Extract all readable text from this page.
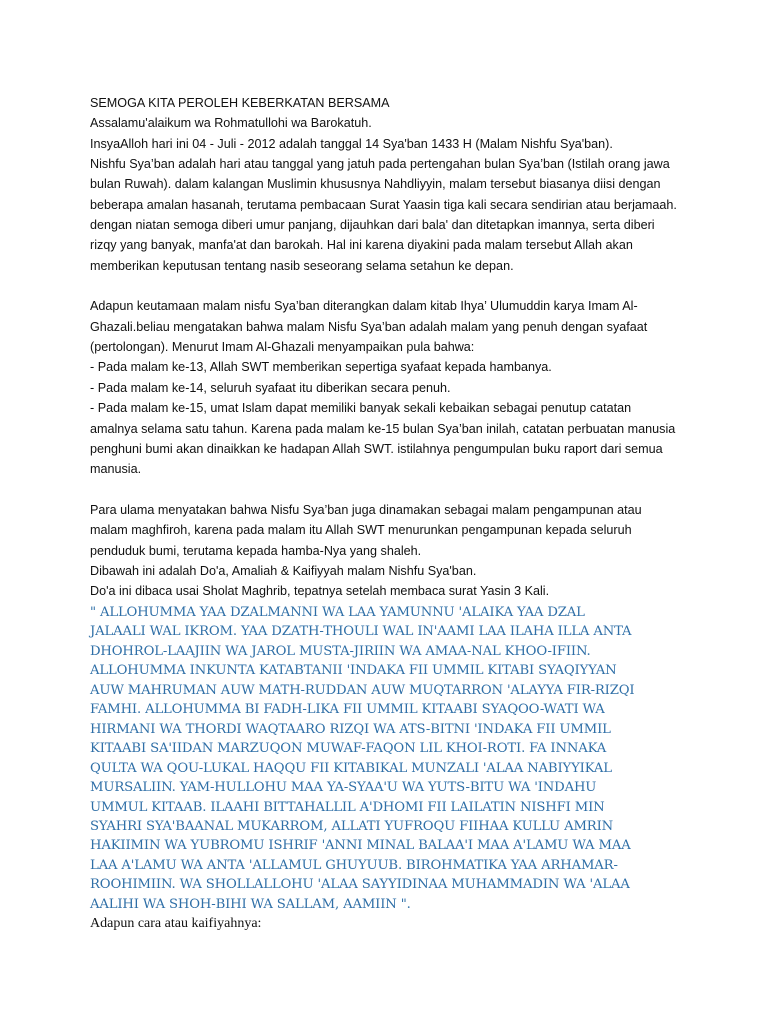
SEMOGA KITA PEROLEH KEBERKATAN BERSAMA
Assalamu'alaikum wa Rohmatullohi wa Barokatuh.
InsyaAlloh hari ini 04 - Juli - 2012 adalah tanggal 14 Sya'ban 1433 H (Malam Nishfu Sya'ban).
Nishfu Sya’ban adalah hari atau tanggal yang jatuh pada pertengahan bulan Sya’ban (Istilah orang jawa
bulan Ruwah). dalam kalangan Muslimin khususnya Nahdliyyin, malam tersebut biasanya diisi dengan
beberapa amalan hasanah, terutama pembacaan Surat Yaasin tiga kali secara sendirian atau berjamaah.
dengan niatan semoga diberi umur panjang, dijauhkan dari bala' dan ditetapkan imannya, serta diberi
rizqy yang banyak, manfa'at dan barokah. Hal ini karena diyakini pada malam tersebut Allah akan
memberikan keputusan tentang nasib seseorang selama setahun ke depan.
Adapun keutamaan malam nisfu Sya’ban diterangkan dalam kitab Ihya’ Ulumuddin karya Imam Al-
Ghazali.beliau mengatakan bahwa malam Nisfu Sya’ban adalah malam yang penuh dengan syafaat
(pertolongan). Menurut Imam Al-Ghazali menyampaikan pula bahwa:
- Pada malam ke-13, Allah SWT memberikan sepertiga syafaat kepada hambanya.
- Pada malam ke-14, seluruh syafaat itu diberikan secara penuh.
- Pada malam ke-15, umat Islam dapat memiliki banyak sekali kebaikan sebagai penutup catatan
amalnya selama satu tahun. Karena pada malam ke-15 bulan Sya’ban inilah, catatan perbuatan manusia
penghuni bumi akan dinaikkan ke hadapan Allah SWT. istilahnya pengumpulan buku raport dari semua
manusia.
Para ulama menyatakan bahwa Nisfu Sya’ban juga dinamakan sebagai malam pengampunan atau
malam maghfiroh, karena pada malam itu Allah SWT menurunkan pengampunan kepada seluruh
penduduk bumi, terutama kepada hamba-Nya yang shaleh.
Dibawah ini adalah Do'a, Amaliah & Kaifiyyah malam Nishfu Sya'ban.
Do'a ini dibaca usai Sholat Maghrib, tepatnya setelah membaca surat Yasin 3 Kali.
" ALLOHUMMA YAA DZALMANNI WA LAA YAMUNNU 'ALAIKA YAA DZAL
JALAALI WAL IKROM. YAA DZATH-THOULI WAL IN'AAMI LAA ILAHA ILLA ANTA
DHOHROL-LAAJIIN WA JAROL MUSTA-JIRIIN WA AMAA-NAL KHOO-IFIIN.
ALLOHUMMA INKUNTA KATABTANII 'INDAKA FII UMMIL KITABI SYAQIYYAN
AUW MAHRUMAN AUW MATH-RUDDAN AUW MUQTARRON 'ALAYYA FIR-RIZQI
FAMHI. ALLOHUMMA BI FADH-LIKA FII UMMIL KITAABI SYAQOO-WATI WA
HIRMANI WA THORDI WAQTAARO RIZQI WA ATS-BITNI 'INDAKA FII UMMIL
KITAABI SA'IIDAN MARZUQON MUWAF-FAQON LIL KHOI-ROTI. FA INNAKA
QULTA WA QOU-LUKAL HAQQU FII KITABIKAL MUNZALI 'ALAA NABIYYIKAL
MURSALIIN. YAM-HULLOHU MAA YA-SYAA'U WA YUTS-BITU WA 'INDAHU
UMMUL KITAAB. ILAAHI BITTAHALLIL A'DHOMI FII LAILATIN NISHFI MIN
SYAHRI SYA'BAANAL MUKARROM, ALLATI YUFROQU FIIHAA KULLU AMRIN
HAKIIMIN WA YUBROMU ISHRIF 'ANNI MINAL BALAA'I MAA A'LAMU WA MAA
LAA A'LAMU WA ANTA 'ALLAMUL GHUYUUB. BIROHMATIKA YAA ARHAMAR-
ROOHIMIIN. WA SHOLLALLOHU 'ALAA SAYYIDINAA MUHAMMADIN WA 'ALAA
AALIHI WA SHOH-BIHI WA SALLAM, AAMIIN ".
Adapun cara atau kaifiyahnya:
